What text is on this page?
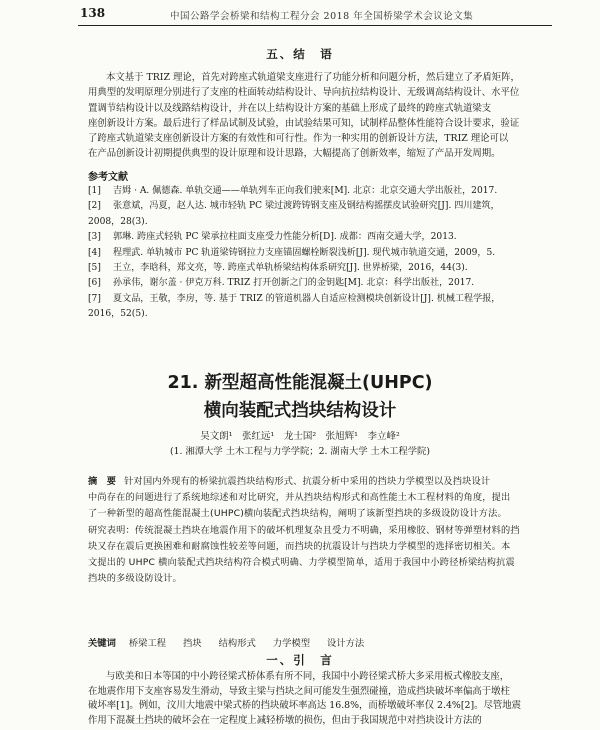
138	中国公路学会桥梁和结构工程分会 2018 年全国桥梁学术会议论文集
五、结　语
本文基于 TRIZ 理论，首先对跨座式轨道梁支座进行了功能分析和问题分析，然后建立了矛盾矩阵，
用典型的发明原理分别进行了支座的柱面转动结构设计、导向抗拉结构设计、无级调高结构设计、水平位
置调节结构设计以及线路结构设计，并在以上结构设计方案的基础上形成了最终的跨座式轨道梁支
座创新设计方案。最后进行了样品试制及试验，由试验结果可知，试制样品整体性能符合设计要求，验证
了跨座式轨道梁支座创新设计方案的有效性和可行性。作为一种实用的创新设计方法，TRIZ 理论可以
在产品创新设计初期提供典型的设计原理和设计思路，大幅提高了创新效率，缩短了产品开发周期。
参考文献
[1]	吉姆 · A. 佩德森. 单轨交通——单轨列车正向我们驶来[M]. 北京：北京交通大学出版社，2017.
[2]	张意斌，冯夏，赵人达. 城市轻轨 PC 梁过渡跨铸钢支座及钢结构摇摆皮试验研究[J]. 四川建筑，
2008，28(3).
[3]	郭琳. 跨座式轻轨 PC 梁承拉柱面支座受力性能分析[D]. 成都：西南交通大学，2013.
[4]	程理武. 单轨城市 PC 轨道梁铸钢拉力支座锚固螺栓断裂浅析[J]. 现代城市轨道交通，2009，5.
[5]	王立，李晗科，郑文亮，等. 跨座式单轨桥梁结构体系研究[J]. 世界桥梁，2016，44(3).
[6]	孙承伟，谢尔盖 · 伊克万科. TRIZ 打开创新之门的金钥匙[M]. 北京：科学出版社，2017.
[7]	夏文品，王敬，李房，等. 基于 TRIZ 的管道机器人自适应检测模块创新设计[J]. 机械工程学报，
2016，52(5).
21. 新型超高性能混凝土(UHPC)
横向装配式挡块结构设计
吴文朗¹　张红远¹　龙士国²　张旭辉¹　李立峰²
(1. 湘潭大学 土木工程与力学学院；2. 湖南大学 土木工程学院)
摘　要 针对国内外现有的桥梁抗震挡块结构形式、抗震分析中采用的挡块力学模型以及挡块设计
中尚存在的问题进行了系统地综述和对比研究，并从挡块结构形式和高性能土木工程材料的角度，提出
了一种新型的超高性能混凝土(UHPC)横向装配式挡块结构，阐明了该新型挡块的多级设防设计方法。
研究表明：传统混凝土挡块在地震作用下的破坏机理复杂且受力不明确，采用橡胶、钢材等弹塑材料的挡
块又存在震后更换困难和耐腐蚀性较差等问题，而挡块的抗震设计与挡块力学模型的选择密切相关。本
文提出的 UHPC 横向装配式挡块结构符合模式明确、力学模型简单，适用于我国中小跨径桥梁结构抗震
挡块的多级设防设计。
关键词 桥梁工程 挡块 结构形式 力学模型 设计方法
一、引　言
与欧美和日本等国的中小跨径梁式桥体系有所不同，我国中小跨径梁式桥大多采用板式橡胶支座，
在地震作用下支座容易发生滑动，导致主梁与挡块之间可能发生强烈碰撞，造成挡块破坏率偏高于墩柱
破坏率[1]。例如，汶川大地震中梁式桥的挡块破坏率高达 16.8%，而桥墩破坏率仅 2.4%[2]。尽管地震
作用下混凝土挡块的破坏会在一定程度上减轻桥墩的损伤，但由于我国规范中对挡块设计方法的
